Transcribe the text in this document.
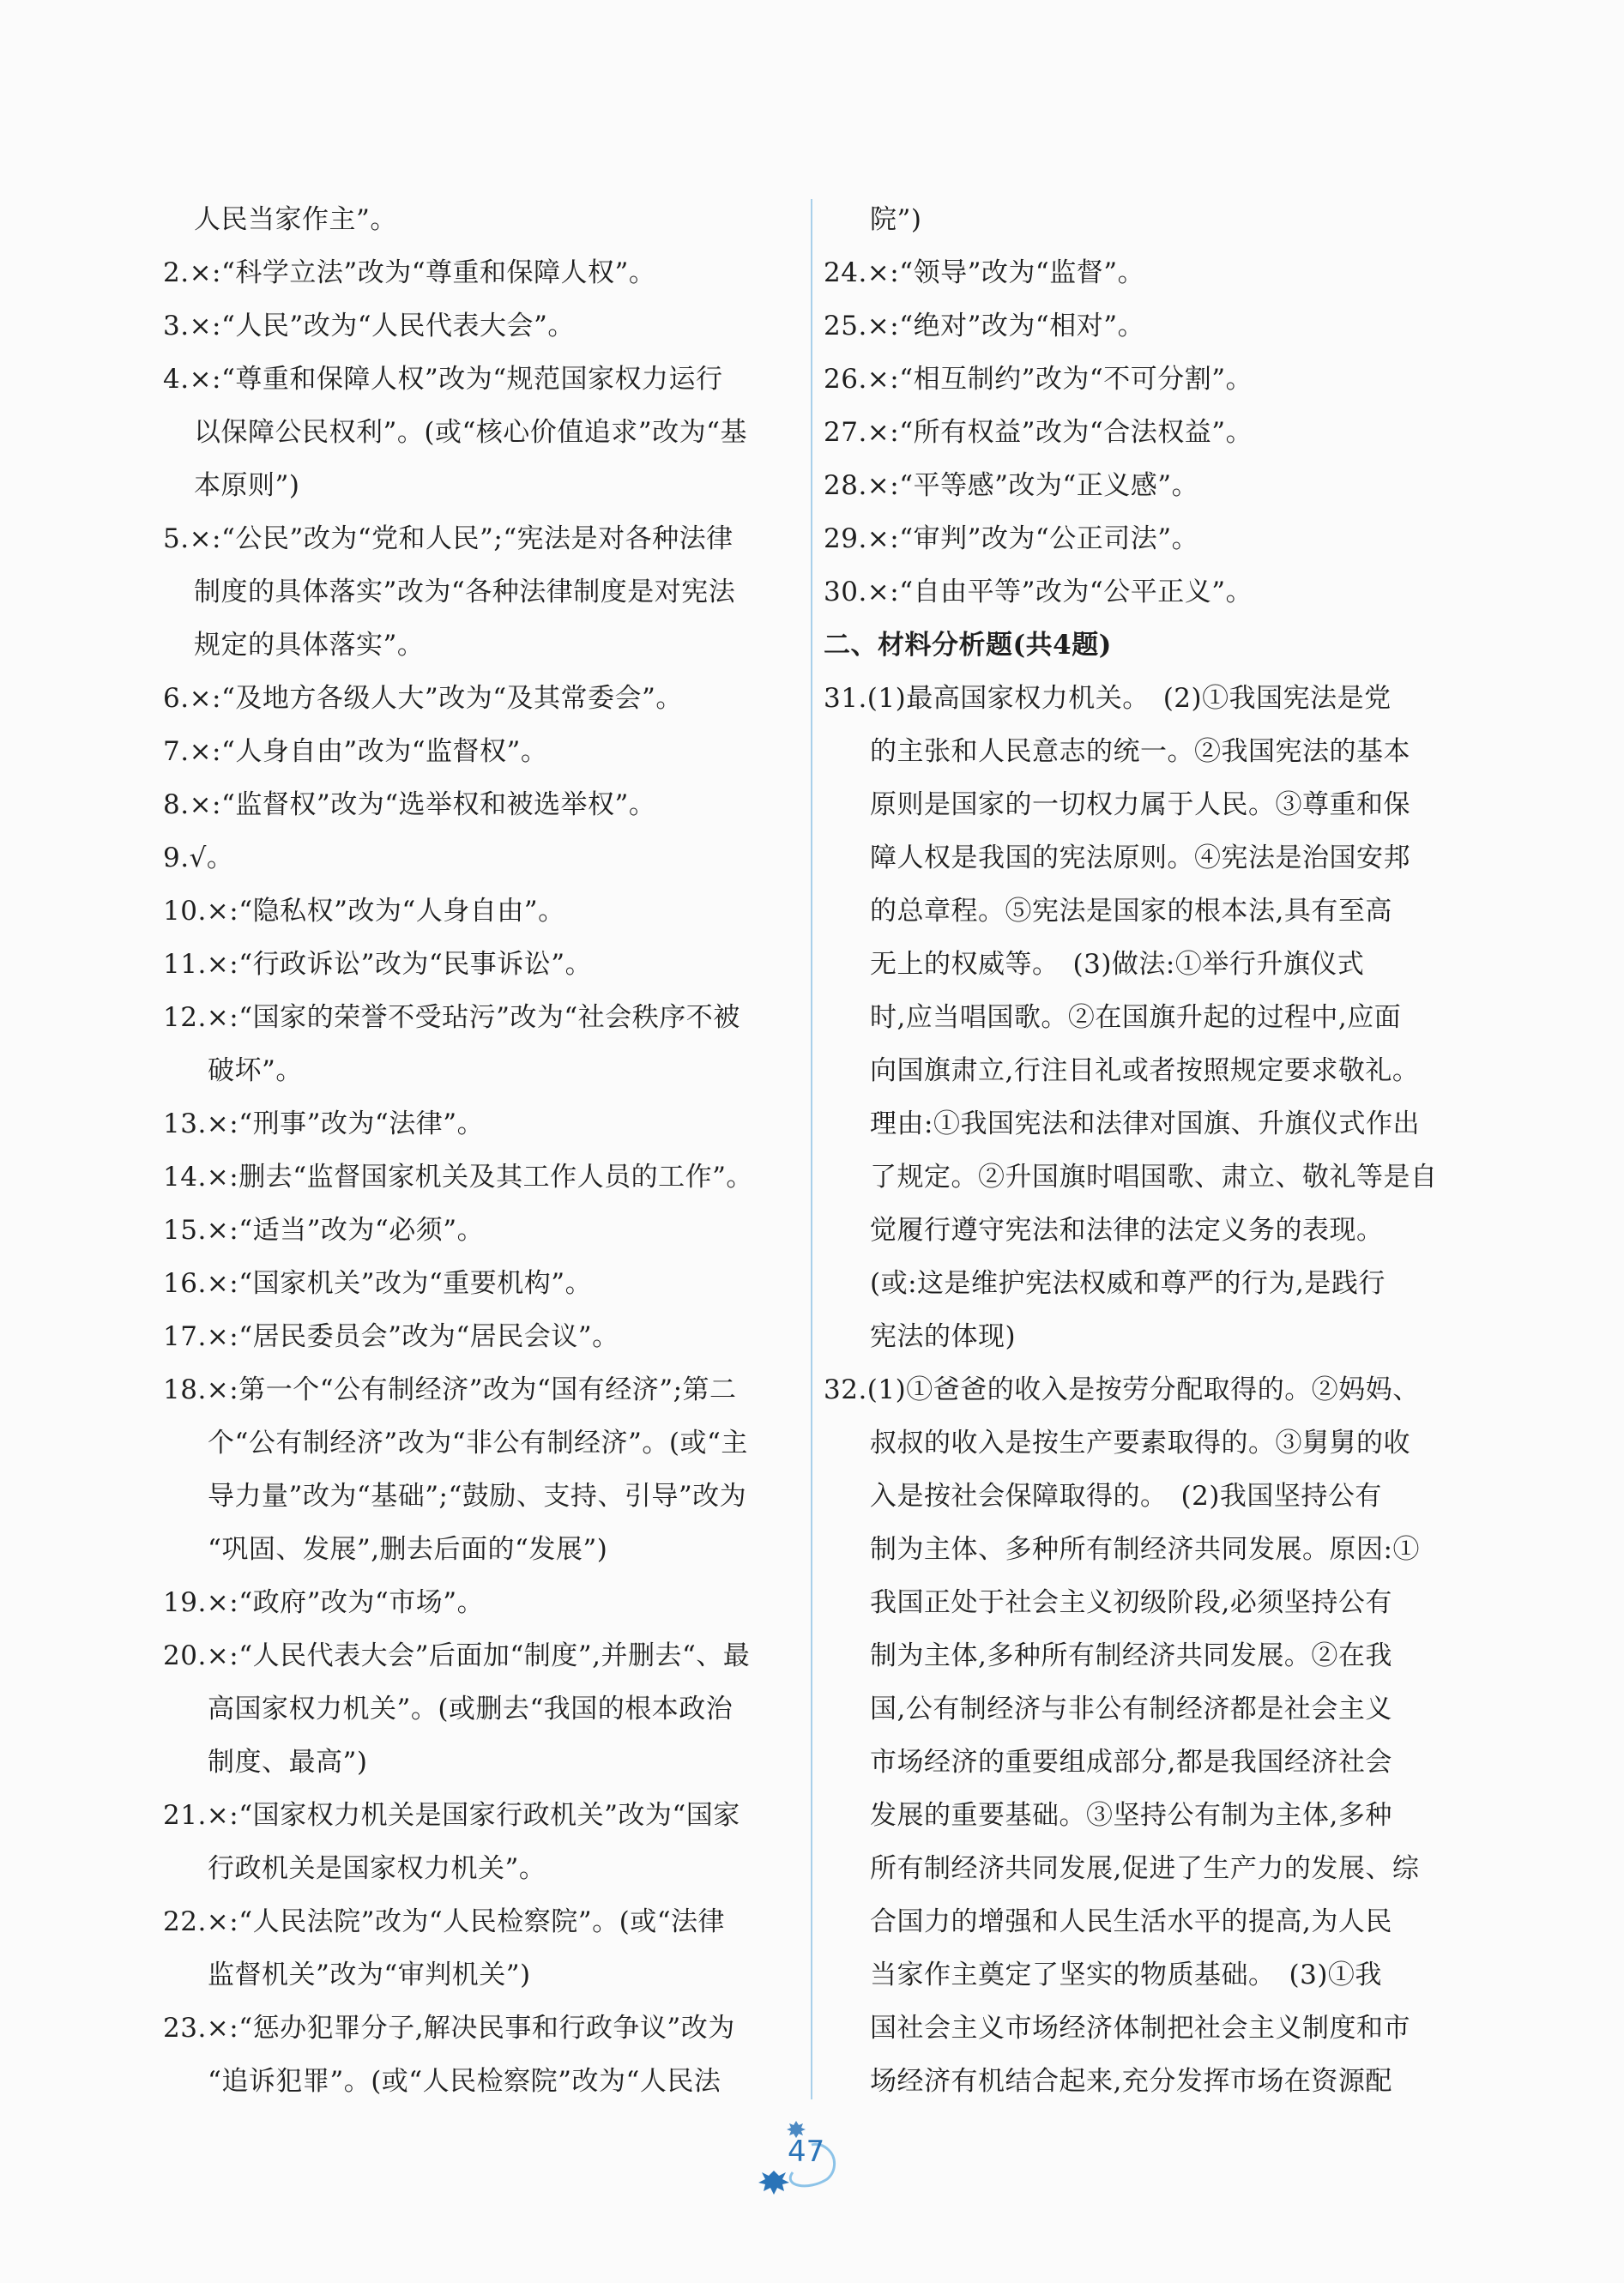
人民当家作主”。
2.×:“科学立法”改为“尊重和保障人权”。
3.×:“人民”改为“人民代表大会”。
4.×:“尊重和保障人权”改为“规范国家权力运行
以保障公民权利”。(或“核心价值追求”改为“基
本原则”)
5.×:“公民”改为“党和人民”;“宪法是对各种法律
制度的具体落实”改为“各种法律制度是对宪法
规定的具体落实”。
6.×:“及地方各级人大”改为“及其常委会”。
7.×:“人身自由”改为“监督权”。
8.×:“监督权”改为“选举权和被选举权”。
9.√。
10.×:“隐私权”改为“人身自由”。
11.×:“行政诉讼”改为“民事诉讼”。
12.×:“国家的荣誉不受玷污”改为“社会秩序不被
破坏”。
13.×:“刑事”改为“法律”。
14.×:删去“监督国家机关及其工作人员的工作”。
15.×:“适当”改为“必须”。
16.×:“国家机关”改为“重要机构”。
17.×:“居民委员会”改为“居民会议”。
18.×:第一个“公有制经济”改为“国有经济”;第二
个“公有制经济”改为“非公有制经济”。(或“主
导力量”改为“基础”;“鼓励、支持、引导”改为
“巩固、发展”,删去后面的“发展”)
19.×:“政府”改为“市场”。
20.×:“人民代表大会”后面加“制度”,并删去“、最
高国家权力机关”。(或删去“我国的根本政治
制度、最高”)
21.×:“国家权力机关是国家行政机关”改为“国家
行政机关是国家权力机关”。
22.×:“人民法院”改为“人民检察院”。(或“法律
监督机关”改为“审判机关”)
23.×:“惩办犯罪分子,解决民事和行政争议”改为
“追诉犯罪”。(或“人民检察院”改为“人民法
院”)
24.×:“领导”改为“监督”。
25.×:“绝对”改为“相对”。
26.×:“相互制约”改为“不可分割”。
27.×:“所有权益”改为“合法权益”。
28.×:“平等感”改为“正义感”。
29.×:“审判”改为“公正司法”。
30.×:“自由平等”改为“公平正义”。
二、材料分析题(共4题)
31.(1)最高国家权力机关。　(2)①我国宪法是党
的主张和人民意志的统一。②我国宪法的基本
原则是国家的一切权力属于人民。③尊重和保
障人权是我国的宪法原则。④宪法是治国安邦
的总章程。⑤宪法是国家的根本法,具有至高
无上的权威等。　(3)做法:①举行升旗仪式
时,应当唱国歌。②在国旗升起的过程中,应面
向国旗肃立,行注目礼或者按照规定要求敬礼。
理由:①我国宪法和法律对国旗、升旗仪式作出
了规定。②升国旗时唱国歌、肃立、敬礼等是自
觉履行遵守宪法和法律的法定义务的表现。
(或:这是维护宪法权威和尊严的行为,是践行
宪法的体现)
32.(1)①爸爸的收入是按劳分配取得的。②妈妈、
叔叔的收入是按生产要素取得的。③舅舅的收
入是按社会保障取得的。　(2)我国坚持公有
制为主体、多种所有制经济共同发展。原因:①
我国正处于社会主义初级阶段,必须坚持公有
制为主体,多种所有制经济共同发展。②在我
国,公有制经济与非公有制经济都是社会主义
市场经济的重要组成部分,都是我国经济社会
发展的重要基础。③坚持公有制为主体,多种
所有制经济共同发展,促进了生产力的发展、综
合国力的增强和人民生活水平的提高,为人民
当家作主奠定了坚实的物质基础。　(3)①我
国社会主义市场经济体制把社会主义制度和市
场经济有机结合起来,充分发挥市场在资源配
47
